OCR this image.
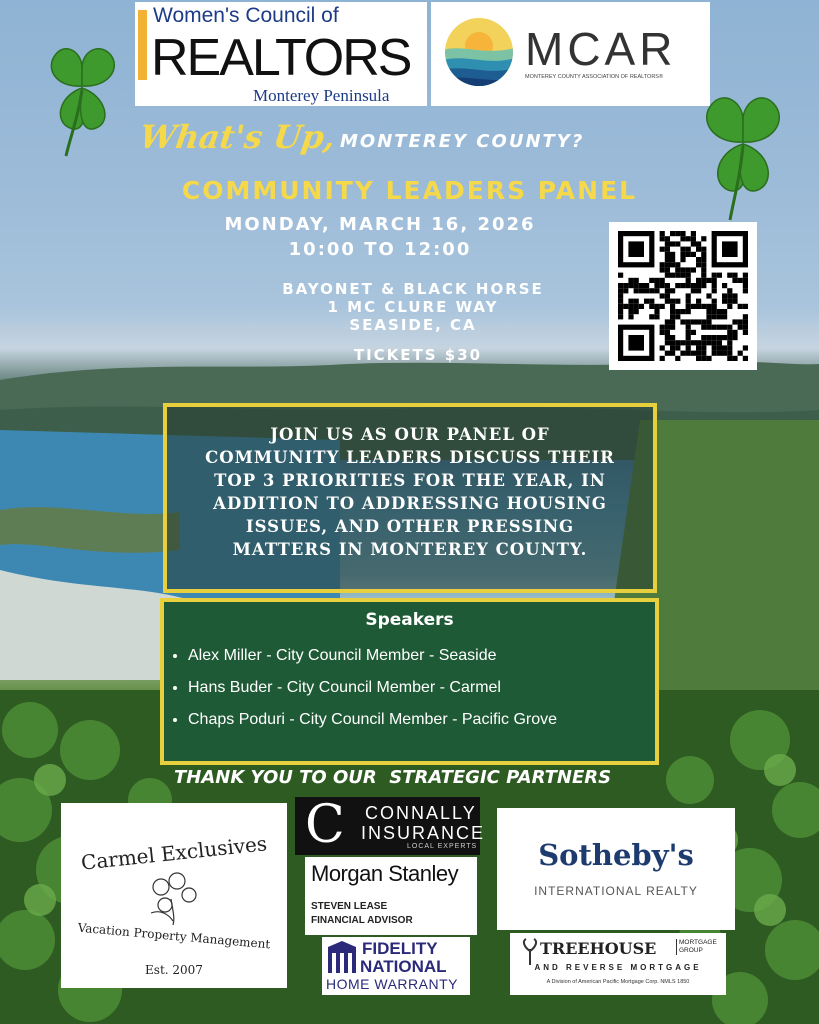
Women's Council of
REALTORS
Monterey Peninsula
MCAR
MONTEREY COUNTY ASSOCIATION OF REALTORS®
What's Up, MONTEREY COUNTY?
COMMUNITY LEADERS PANEL
MONDAY, MARCH 16, 2026
10:00 TO 12:00
BAYONET & BLACK HORSE
1 MC CLURE WAY
SEASIDE, CA
TICKETS $30
JOIN US AS OUR PANEL OF
COMMUNITY LEADERS DISCUSS THEIR
TOP 3 PRIORITIES FOR THE YEAR, IN
ADDITION TO ADDRESSING HOUSING
ISSUES, AND OTHER PRESSING
MATTERS IN MONTEREY COUNTY.
Speakers
• Alex Miller - City Council Member - Seaside
• Hans Buder - City Council Member - Carmel
• Chaps Poduri - City Council Member - Pacific Grove
THANK YOU TO OUR  STRATEGIC PARTNERS
Carmel Exclusives
Vacation Property Management
Est. 2007
C CONNALLY
INSURANCE
LOCAL EXPERTS
Morgan Stanley
STEVEN LEASE
FINANCIAL ADVISOR
FIDELITY
NATIONAL
HOME WARRANTY
Sotheby's
INTERNATIONAL REALTY
TREEHOUSE	MORTGAGE
GROUP
AND REVERSE MORTGAGE
A Division of American Pacific Mortgage Corp. NMLS 1850
